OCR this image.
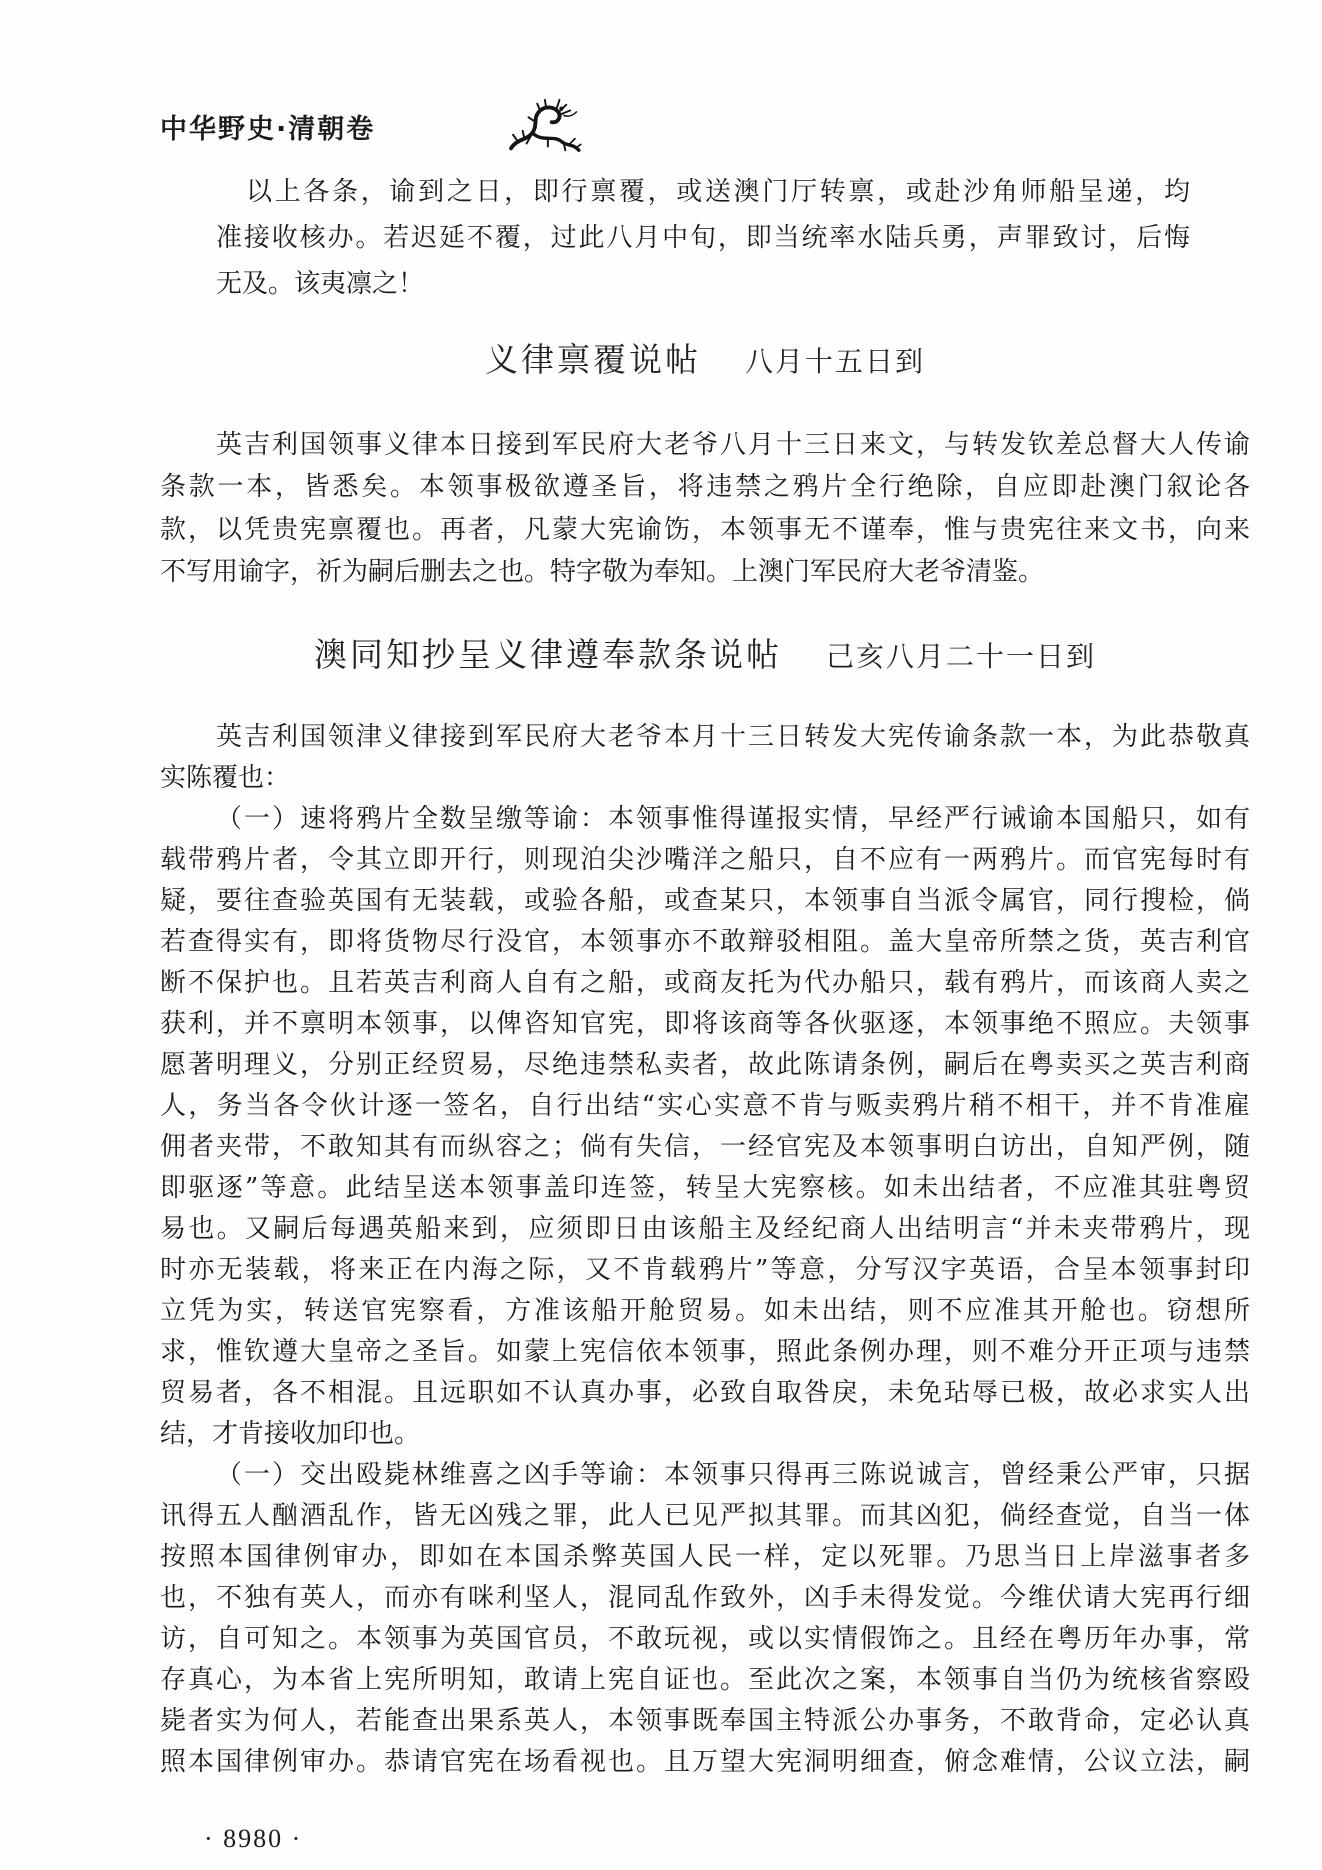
中华野史·清朝卷
以上各条，谕到之日，即行禀覆，或送澳门厅转禀，或赴沙角师船呈递，均
准接收核办。若迟延不覆，过此八月中旬，即当统率水陆兵勇，声罪致讨，后悔
无及。该夷凛之！
义律禀覆说帖 八月十五日到
英吉利国领事义律本日接到军民府大老爷八月十三日来文，与转发钦差总督大人传谕
条款一本，皆悉矣。本领事极欲遵圣旨，将违禁之鸦片全行绝除，自应即赴澳门叙论各
款，以凭贵宪禀覆也。再者，凡蒙大宪谕饬，本领事无不谨奉，惟与贵宪往来文书，向来
不写用谕字，祈为嗣后删去之也。特字敬为奉知。上澳门军民府大老爷清鉴。
澳同知抄呈义律遵奉款条说帖 己亥八月二十一日到
英吉利国领津义律接到军民府大老爷本月十三日转发大宪传谕条款一本，为此恭敬真
实陈覆也：
（一）速将鸦片全数呈缴等谕：本领事惟得谨报实情，早经严行诫谕本国船只，如有
载带鸦片者，令其立即开行，则现泊尖沙嘴洋之船只，自不应有一两鸦片。而官宪每时有
疑，要往查验英国有无装载，或验各船，或查某只，本领事自当派令属官，同行搜检，倘
若查得实有，即将货物尽行没官，本领事亦不敢辩驳相阻。盖大皇帝所禁之货，英吉利官
断不保护也。且若英吉利商人自有之船，或商友托为代办船只，载有鸦片，而该商人卖之
获利，并不禀明本领事，以俾咨知官宪，即将该商等各伙驱逐，本领事绝不照应。夫领事
愿著明理义，分别正经贸易，尽绝违禁私卖者，故此陈请条例，嗣后在粤卖买之英吉利商
人，务当各令伙计逐一签名，自行出结“实心实意不肯与贩卖鸦片稍不相干，并不肯准雇
佣者夹带，不敢知其有而纵容之；倘有失信，一经官宪及本领事明白访出，自知严例，随
即驱逐”等意。此结呈送本领事盖印连签，转呈大宪察核。如未出结者，不应准其驻粤贸
易也。又嗣后每遇英船来到，应须即日由该船主及经纪商人出结明言“并未夹带鸦片，现
时亦无装载，将来正在内海之际，又不肯载鸦片”等意，分写汉字英语，合呈本领事封印
立凭为实，转送官宪察看，方准该船开舱贸易。如未出结，则不应准其开舱也。窃想所
求，惟钦遵大皇帝之圣旨。如蒙上宪信依本领事，照此条例办理，则不难分开正项与违禁
贸易者，各不相混。且远职如不认真办事，必致自取咎戾，未免玷辱已极，故必求实人出
结，才肯接收加印也。
（一）交出殴毙林维喜之凶手等谕：本领事只得再三陈说诚言，曾经秉公严审，只据
讯得五人酗酒乱作，皆无凶残之罪，此人已见严拟其罪。而其凶犯，倘经查觉，自当一体
按照本国律例审办，即如在本国杀弊英国人民一样，定以死罪。乃思当日上岸滋事者多
也，不独有英人，而亦有咪利坚人，混同乱作致外，凶手未得发觉。今维伏请大宪再行细
访，自可知之。本领事为英国官员，不敢玩视，或以实情假饰之。且经在粤历年办事，常
存真心，为本省上宪所明知，敢请上宪自证也。至此次之案，本领事自当仍为统核省察殴
毙者实为何人，若能查出果系英人，本领事既奉国主特派公办事务，不敢背命，定必认真
照本国律例审办。恭请官宪在场看视也。且万望大宪洞明细查，俯念难情，公议立法，嗣
· 8980 ·
